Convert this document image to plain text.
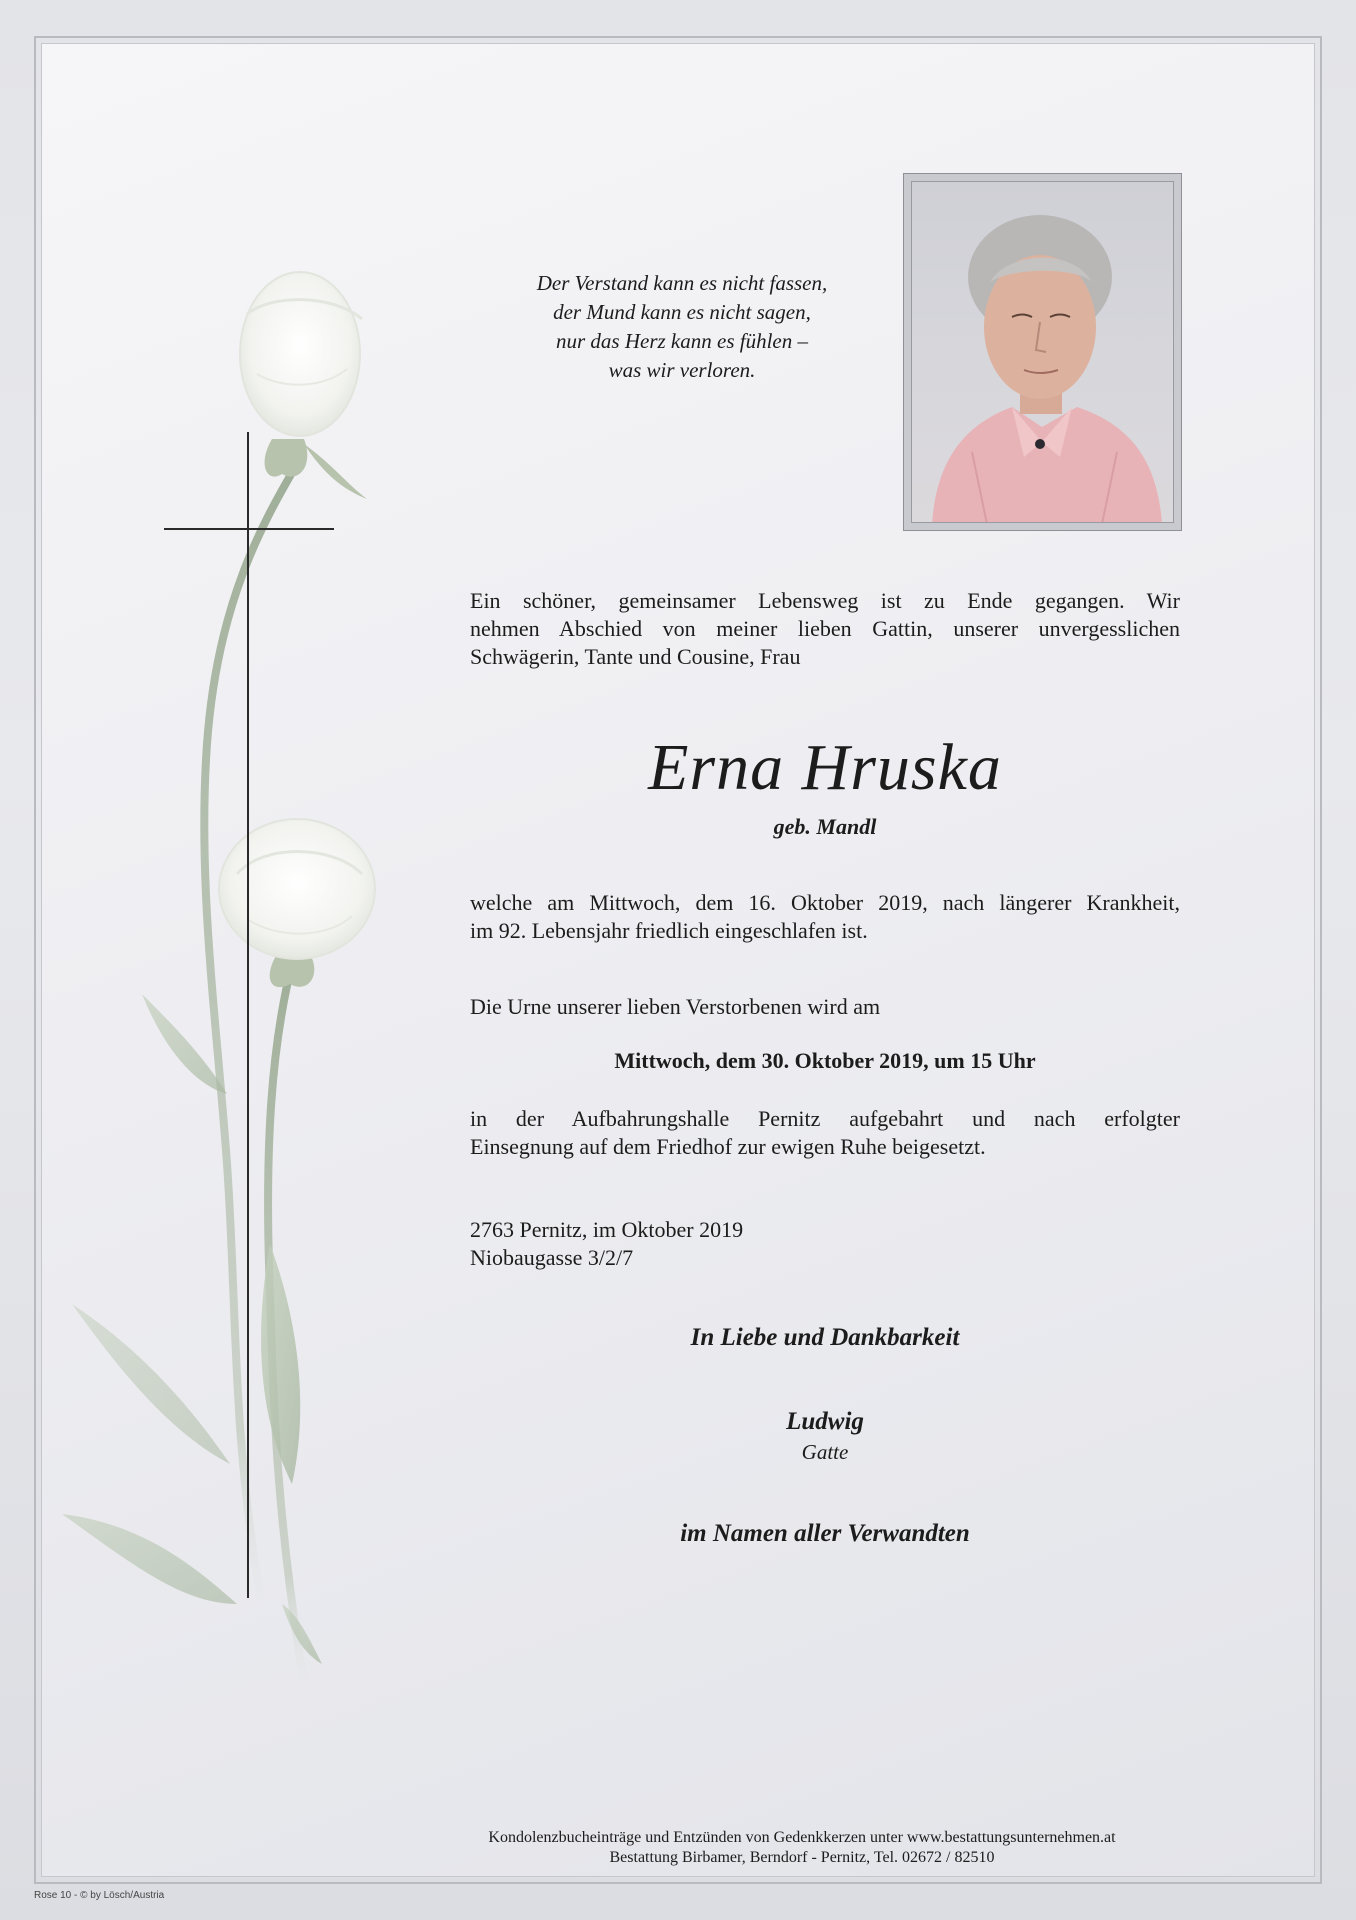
Der Verstand kann es nicht fassen,
der Mund kann es nicht sagen,
nur das Herz kann es fühlen –
was wir verloren.
Ein schöner, gemeinsamer Lebensweg ist zu Ende gegangen. Wir
nehmen Abschied von meiner lieben Gattin, unserer unvergesslichen
Schwägerin, Tante und Cousine, Frau
Erna Hruska
geb. Mandl
welche am Mittwoch, dem 16. Oktober 2019, nach längerer Krankheit,
im 92. Lebensjahr friedlich eingeschlafen ist.
Die Urne unserer lieben Verstorbenen wird am
Mittwoch, dem 30. Oktober 2019, um 15 Uhr
in der Aufbahrungshalle Pernitz aufgebahrt und nach erfolgter
Einsegnung auf dem Friedhof zur ewigen Ruhe beigesetzt.
2763 Pernitz, im Oktober 2019
Niobaugasse 3/2/7
In Liebe und Dankbarkeit
Ludwig
Gatte
im Namen aller Verwandten
Kondolenzbucheinträge und Entzünden von Gedenkkerzen unter www.bestattungsunternehmen.at
Bestattung Birbamer, Berndorf - Pernitz, Tel. 02672 / 82510
Rose 10 - © by Lösch/Austria
